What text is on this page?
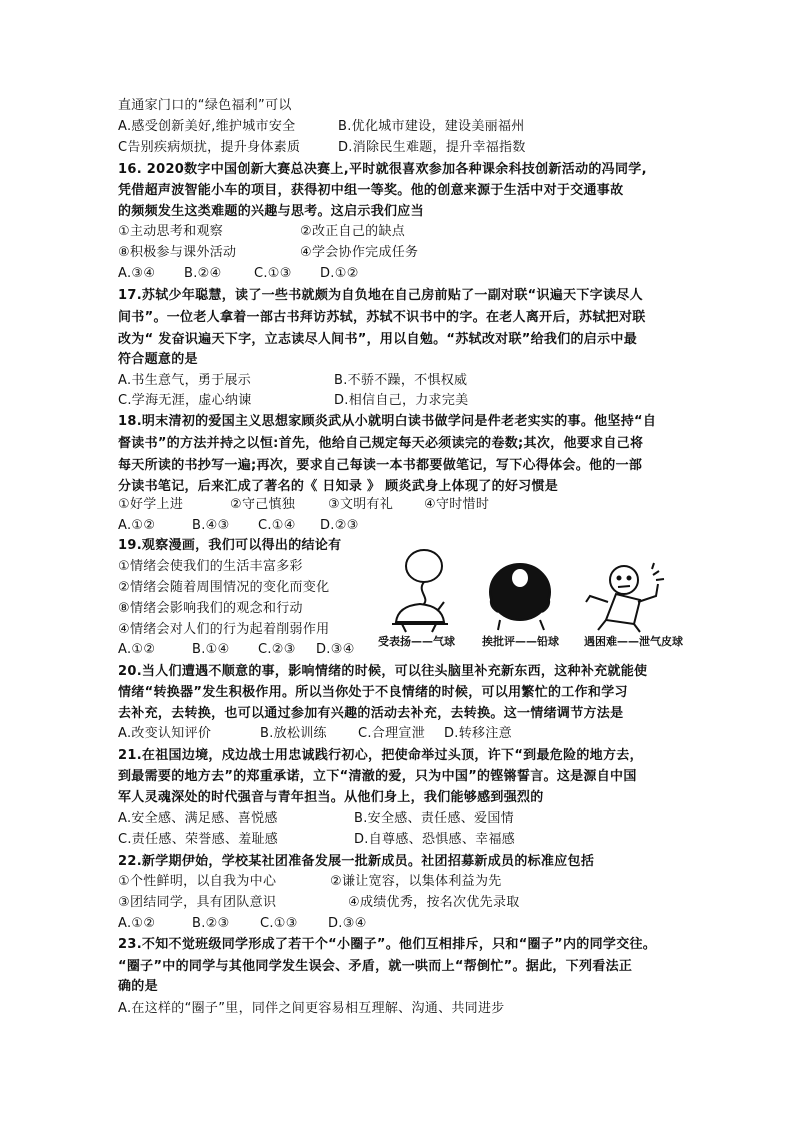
直通家门口的“绿色福利”可以
A.感受创新美好,维护城市安全	B.优化城市建设，建设美丽福州
C告别疾病烦扰，提升身体素质	D.消除民生难题，提升幸福指数
16. 2020数字中国创新大赛总决赛上,平时就很喜欢参加各种课余科技创新活动的冯同学,
凭借超声波智能小车的项目，获得初中组一等奖。他的创意来源于生活中对于交通事故
的频频发生这类难题的兴趣与思考。这启示我们应当
①主动思考和观察	②改正自己的缺点
⑧积极参与课外活动	④学会协作完成任务
A.③④ B.②④ C.①③ D.①②
17.苏轼少年聪慧，读了一些书就颇为自负地在自己房前贴了一副对联“识遍天下字读尽人
间书”。一位老人拿着一部古书拜访苏轼，苏轼不识书中的字。在老人离开后，苏轼把对联
改为“ 发奋识遍天下字，立志读尽人间书”，用以自勉。“苏轼改对联”给我们的启示中最
符合题意的是
A.书生意气，勇于展示	B.不骄不躁，不惧权威
C.学海无涯，虚心纳谏	D.相信自己，力求完美
18.明末清初的爱国主义思想家顾炎武从小就明白读书做学问是件老老实实的事。他坚持“自
督读书”的方法并持之以恒:首先，他给自己规定每天必须读完的卷数;其次，他要求自己将
每天所读的书抄写一遍;再次，要求自己每读一本书都要做笔记，写下心得体会。他的一部
分读书笔记，后来汇成了著名的《 日知录 》 顾炎武身上体现了的好习惯是
①好学上进	②守己慎独	③文明有礼 ④守时惜时
A.①②	B.④③ C.①④ D.②③
19.观察漫画，我们可以得出的结论有
①情绪会使我们的生活丰富多彩
②情绪会随着周围情况的变化而变化
⑧情绪会影响我们的观念和行动
④情绪会对人们的行为起着削弱作用
A.①②	B.①④ C.②③ D.③④
受表扬——气球 挨批评——铅球 遇困难——泄气皮球
20.当人们遭遇不顺意的事，影响情绪的时候，可以往头脑里补充新东西，这种补充就能使
情绪“转换器”发生积极作用。所以当你处于不良情绪的时候，可以用繁忙的工作和学习
去补充，去转换，也可以通过参加有兴趣的活动去补充，去转换。这一情绪调节方法是
A.改变认知评价	B.放松训练 C.合理宣泄 D.转移注意
21.在祖国边境，戍边战士用忠诚践行初心，把使命举过头顶，许下“到最危险的地方去，
到最需要的地方去”的郑重承诺，立下“清澈的爱，只为中国”的铿锵誓言。这是源自中国
军人灵魂深处的时代强音与青年担当。从他们身上，我们能够感到强烈的
A.安全感、满足感、喜悦感	B.安全感、责任感、爱国情
C.责任感、荣誉感、羞耻感	D.自尊感、恐惧感、幸福感
22.新学期伊始，学校某社团准备发展一批新成员。社团招募新成员的标准应包括
①个性鲜明，以自我为中心	②谦让宽容，以集体利益为先
③团结同学，具有团队意识	④成绩优秀，按名次优先录取
A.①②	B.②③ C.①③ D.③④
23.不知不觉班级同学形成了若干个“小圈子”。他们互相排斥，只和“圈子”内的同学交往。
“圈子”中的同学与其他同学发生误会、矛盾，就一哄而上“帮倒忙”。据此，下列看法正
确的是
A.在这样的“圈子”里，同伴之间更容易相互理解、沟通、共同进步
